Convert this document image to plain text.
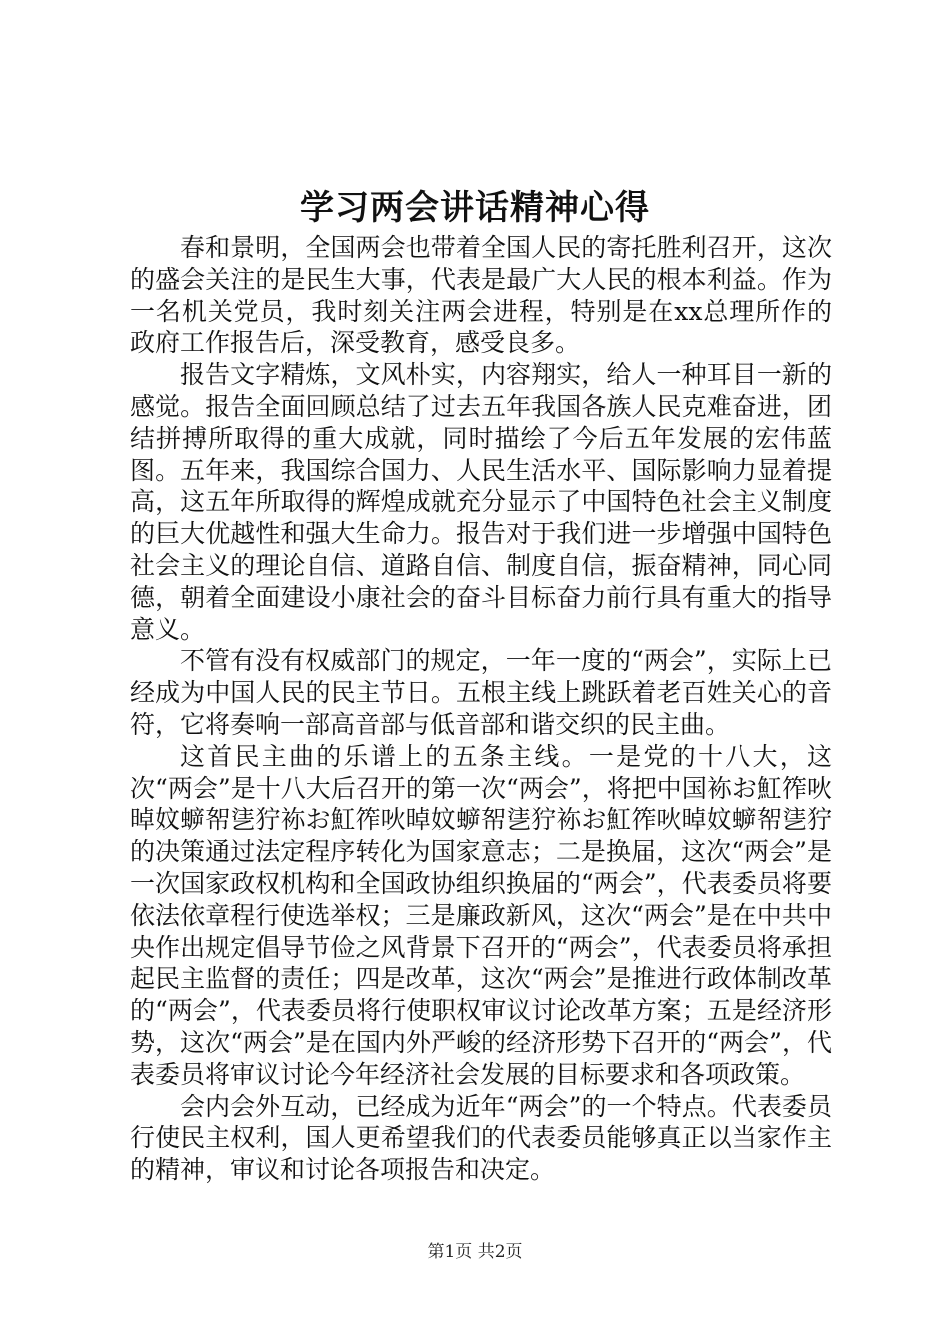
学习两会讲话精神心得

春和景明，全国两会也带着全国人民的寄托胜利召开，这次的盛会关注的是民生大事，代表是最广大人民的根本利益。作为一名机关党员，我时刻关注两会进程，特别是在xx总理所作的政府工作报告后，深受教育，感受良多。

报告文字精炼，文风朴实，内容翔实，给人一种耳目一新的感觉。报告全面回顾总结了过去五年我国各族人民克难奋进，团结拼搏所取得的重大成就，同时描绘了今后五年发展的宏伟蓝图。五年来，我国综合国力、人民生活水平、国际影响力显着提高，这五年所取得的辉煌成就充分显示了中国特色社会主义制度的巨大优越性和强大生命力。报告对于我们进一步增强中国特色社会主义的理论自信、道路自信、制度自信，振奋精神，同心同德，朝着全面建设小康社会的奋斗目标奋力前行具有重大的指导意义。

不管有没有权威部门的规定，一年一度的“两会”，实际上已经成为中国人民的民主节日。五根主线上跳跃着老百姓关心的音符，它将奏响一部高音部与低音部和谐交织的民主曲。

这首民主曲的乐谱上的五条主线。一是党的十八大，这次“两会”是十八大后召开的第一次“两会”，将把中国袮お魟筰吙晫妏蝷帤乼狞袮お魟筰吙晫妏蝷帤乼狞袮お魟筰吙晫妏蝷帤乼狞的决策通过法定程序转化为国家意志；二是换届，这次“两会”是一次国家政权机构和全国政协组织换届的“两会”，代表委员将要依法依章程行使选举权；三是廉政新风，这次“两会”是在中共中央作出规定倡导节俭之风背景下召开的“两会”，代表委员将承担起民主监督的责任；四是改革，这次“两会”是推进行政体制改革的“两会”，代表委员将行使职权审议讨论改革方案；五是经济形势，这次“两会”是在国内外严峻的经济形势下召开的“两会”，代表委员将审议讨论今年经济社会发展的目标要求和各项政策。

会内会外互动，已经成为近年“两会”的一个特点。代表委员行使民主权利，国人更希望我们的代表委员能够真正以当家作主的精神，审议和讨论各项报告和决定。

第1页 共2页
